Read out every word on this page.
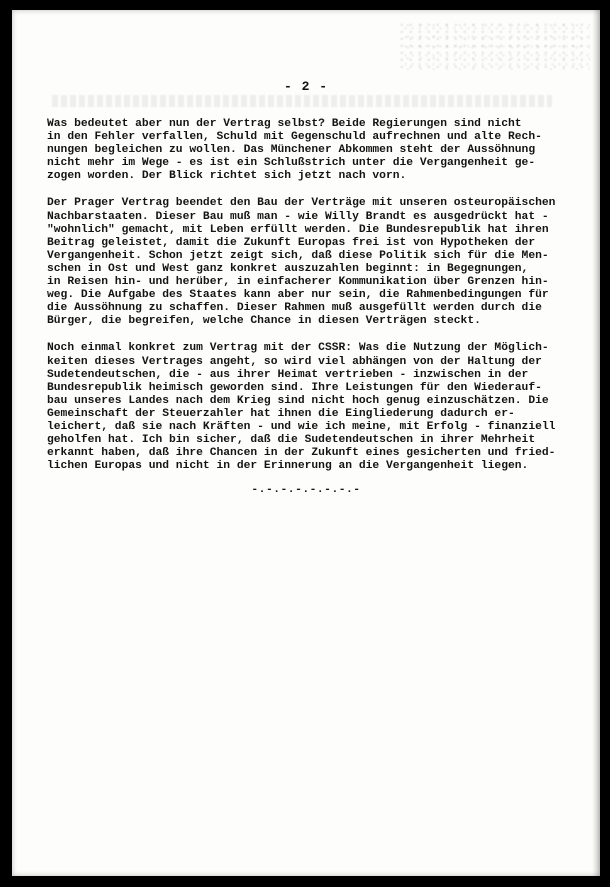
- 2 -

Was bedeutet aber nun der Vertrag selbst? Beide Regierungen sind nicht
in den Fehler verfallen, Schuld mit Gegenschuld aufrechnen und alte Rech-
nungen begleichen zu wollen. Das Münchener Abkommen steht der Aussöhnung
nicht mehr im Wege - es ist ein Schlußstrich unter die Vergangenheit ge-
zogen worden. Der Blick richtet sich jetzt nach vorn.

Der Prager Vertrag beendet den Bau der Verträge mit unseren osteuropäischen
Nachbarstaaten. Dieser Bau muß man - wie Willy Brandt es ausgedrückt hat -
"wohnlich" gemacht, mit Leben erfüllt werden. Die Bundesrepublik hat ihren
Beitrag geleistet, damit die Zukunft Europas frei ist von Hypotheken der
Vergangenheit. Schon jetzt zeigt sich, daß diese Politik sich für die Men-
schen in Ost und West ganz konkret auszuzahlen beginnt: in Begegnungen,
in Reisen hin- und herüber, in einfacherer Kommunikation über Grenzen hin-
weg. Die Aufgabe des Staates kann aber nur sein, die Rahmenbedingungen für
die Aussöhnung zu schaffen. Dieser Rahmen muß ausgefüllt werden durch die
Bürger, die begreifen, welche Chance in diesen Verträgen steckt.

Noch einmal konkret zum Vertrag mit der CSSR: Was die Nutzung der Möglich-
keiten dieses Vertrages angeht, so wird viel abhängen von der Haltung der
Sudetendeutschen, die - aus ihrer Heimat vertrieben - inzwischen in der
Bundesrepublik heimisch geworden sind. Ihre Leistungen für den Wiederauf-
bau unseres Landes nach dem Krieg sind nicht hoch genug einzuschätzen. Die
Gemeinschaft der Steuerzahler hat ihnen die Eingliederung dadurch er-
leichert, daß sie nach Kräften - und wie ich meine, mit Erfolg - finanziell
geholfen hat. Ich bin sicher, daß die Sudetendeutschen in ihrer Mehrheit
erkannt haben, daß ihre Chancen in der Zukunft eines gesicherten und fried-
lichen Europas und nicht in der Erinnerung an die Vergangenheit liegen.

-.-.-.-.-.-.-.-
